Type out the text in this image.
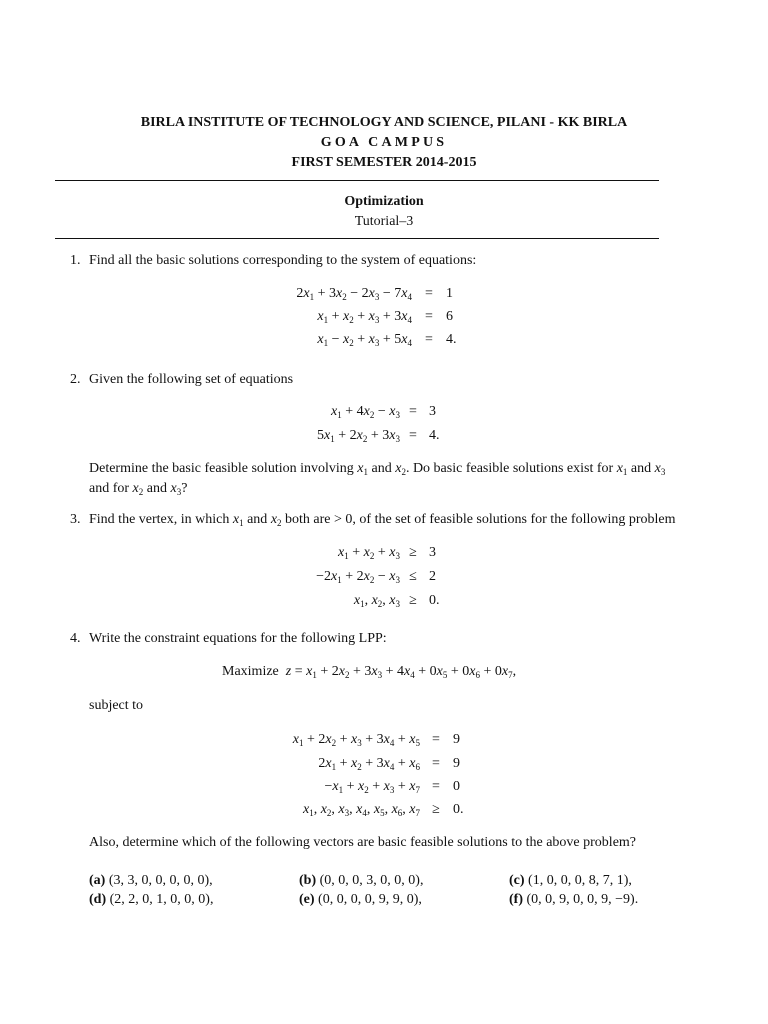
BIRLA INSTITUTE OF TECHNOLOGY AND SCIENCE, PILANI - KK BIRLA
GOA CAMPUS
FIRST SEMESTER 2014-2015
Optimization
Tutorial–3
1. Find all the basic solutions corresponding to the system of equations:
$2x_1 + 3x_2 - 2x_3 - 7x_4 = 1$
$x_1 + x_2 + x_3 + 3x_4 = 6$
$x_1 - x_2 + x_3 + 5x_4 = 4$.
2. Given the following set of equations
$x_1 + 4x_2 - x_3 = 3$
$5x_1 + 2x_2 + 3x_3 = 4$.
Determine the basic feasible solution involving $x_1$ and $x_2$. Do basic feasible solutions exist for $x_1$ and $x_3$
and for $x_2$ and $x_3$?
3. Find the vertex, in which $x_1$ and $x_2$ both are > 0, of the set of feasible solutions for the following problem
$x_1 + x_2 + x_3 \ge 3$
$-2x_1 + 2x_2 - x_3 \le 2$
$x_1$, $x_2$, $x_3 \ge 0$.
4. Write the constraint equations for the following LPP:
Maximize $z = x_1 + 2x_2 + 3x_3 + 4x_4 + 0x_5 + 0x_6 + 0x_7$,
subject to
$x_1 + 2x_2 + x_3 + 3x_4 + x_5 = 9$
$2x_1 + x_2 + 3x_4 + x_6 = 9$
$-x_1 + x_2 + x_3 + x_7 = 0$
$x_1$, $x_2$, $x_3$, $x_4$, $x_5$, $x_6$, $x_7 \ge 0$.
Also, determine which of the following vectors are basic feasible solutions to the above problem?
(a) (3, 3, 0, 0, 0, 0, 0),	(b) (0, 0, 0, 3, 0, 0, 0),	(c) (1, 0, 0, 0, 8, 7, 1),
(d) (2, 2, 0, 1, 0, 0, 0),	(e) (0, 0, 0, 0, 9, 9, 0),	(f) (0, 0, 9, 0, 0, 9, −9).
